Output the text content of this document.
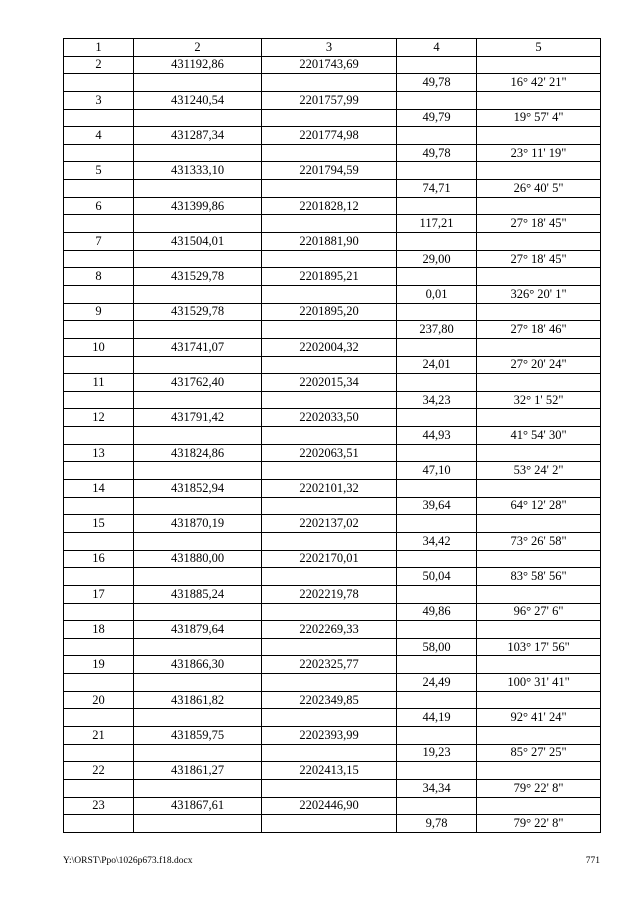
1	2	3	4	5
2	431192,86	2201743,69		
			49,78	16° 42' 21"
3	431240,54	2201757,99		
			49,79	19° 57' 4"
4	431287,34	2201774,98		
			49,78	23° 11' 19"
5	431333,10	2201794,59		
			74,71	26° 40' 5"
6	431399,86	2201828,12		
			117,21	27° 18' 45"
7	431504,01	2201881,90		
			29,00	27° 18' 45"
8	431529,78	2201895,21		
			0,01	326° 20' 1"
9	431529,78	2201895,20		
			237,80	27° 18' 46"
10	431741,07	2202004,32		
			24,01	27° 20' 24"
11	431762,40	2202015,34		
			34,23	32° 1' 52"
12	431791,42	2202033,50		
			44,93	41° 54' 30"
13	431824,86	2202063,51		
			47,10	53° 24' 2"
14	431852,94	2202101,32		
			39,64	64° 12' 28"
15	431870,19	2202137,02		
			34,42	73° 26' 58"
16	431880,00	2202170,01		
			50,04	83° 58' 56"
17	431885,24	2202219,78		
			49,86	96° 27' 6"
18	431879,64	2202269,33		
			58,00	103° 17' 56"
19	431866,30	2202325,77		
			24,49	100° 31' 41"
20	431861,82	2202349,85		
			44,19	92° 41' 24"
21	431859,75	2202393,99		
			19,23	85° 27' 25"
22	431861,27	2202413,15		
			34,34	79° 22' 8"
23	431867,61	2202446,90		
			9,78	79° 22' 8"
Y:\ORST\Ppo\1026p673.f18.docx	771
